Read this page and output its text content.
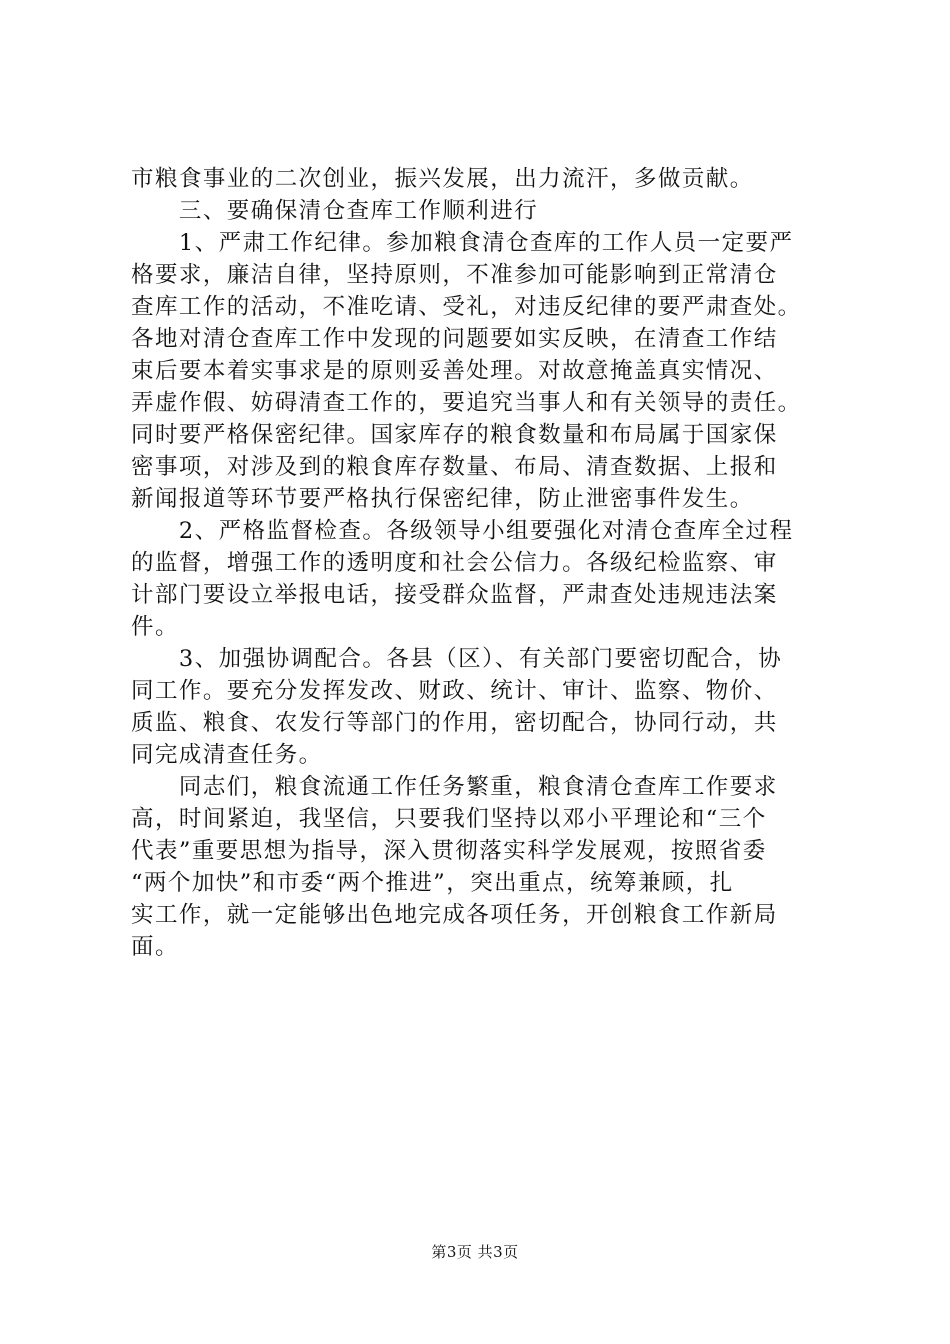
市粮食事业的二次创业，振兴发展，出力流汗，多做贡献。
　　三、要确保清仓查库工作顺利进行
　　1、严肃工作纪律。参加粮食清仓查库的工作人员一定要严
格要求，廉洁自律，坚持原则，不准参加可能影响到正常清仓
查库工作的活动，不准吃请、受礼，对违反纪律的要严肃查处。
各地对清仓查库工作中发现的问题要如实反映，在清查工作结
束后要本着实事求是的原则妥善处理。对故意掩盖真实情况、
弄虚作假、妨碍清查工作的，要追究当事人和有关领导的责任。
同时要严格保密纪律。国家库存的粮食数量和布局属于国家保
密事项，对涉及到的粮食库存数量、布局、清查数据、上报和
新闻报道等环节要严格执行保密纪律，防止泄密事件发生。
　　2、严格监督检查。各级领导小组要强化对清仓查库全过程
的监督，增强工作的透明度和社会公信力。各级纪检监察、审
计部门要设立举报电话，接受群众监督，严肃查处违规违法案
件。
　　3、加强协调配合。各县（区）、有关部门要密切配合，协
同工作。要充分发挥发改、财政、统计、审计、监察、物价、
质监、粮食、农发行等部门的作用，密切配合，协同行动，共
同完成清查任务。
　　同志们，粮食流通工作任务繁重，粮食清仓查库工作要求
高，时间紧迫，我坚信，只要我们坚持以邓小平理论和“三个
代表”重要思想为指导，深入贯彻落实科学发展观，按照省委
“两个加快”和市委“两个推进”，突出重点，统筹兼顾，扎
实工作，就一定能够出色地完成各项任务，开创粮食工作新局
面。
第3页 共3页
